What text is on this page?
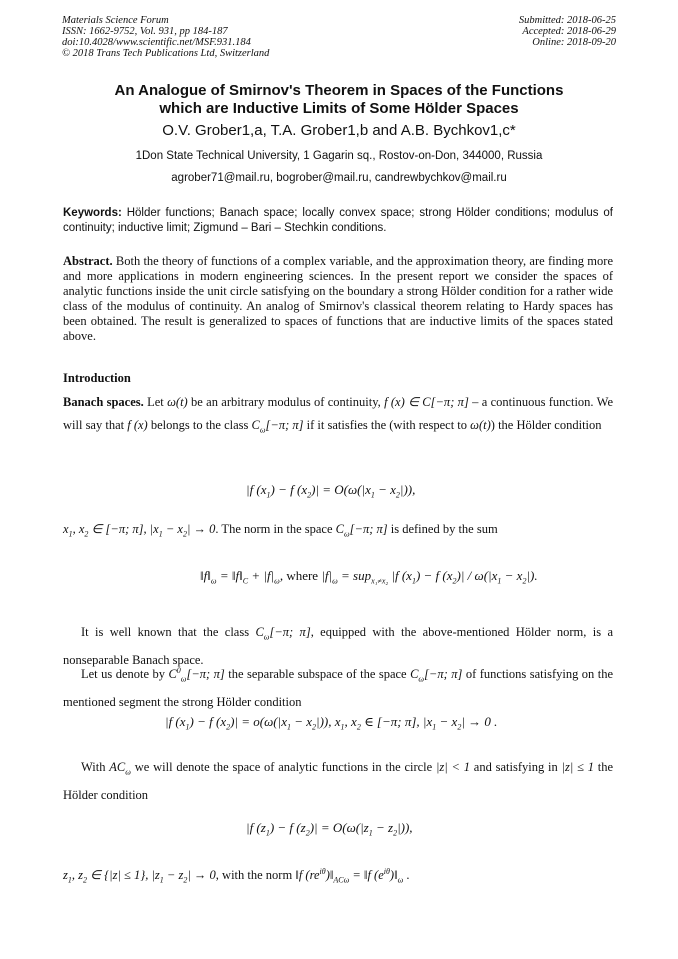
Materials Science Forum
ISSN: 1662-9752, Vol. 931, pp 184-187
doi:10.4028/www.scientific.net/MSF.931.184
© 2018 Trans Tech Publications Ltd, Switzerland
Submitted: 2018-06-25
Accepted: 2018-06-29
Online: 2018-09-20
An Analogue of Smirnov's Theorem in Spaces of the Functions
which are Inductive Limits of Some Hölder Spaces
O.V. Grober1,a, T.A. Grober1,b and A.B. Bychkov1,c*
1Don State Technical University, 1 Gagarin sq., Rostov-on-Don, 344000, Russia
agrober71@mail.ru, bogrober@mail.ru, candrewbychkov@mail.ru
Keywords: Hölder functions; Banach space; locally convex space; strong Hölder conditions; modulus of continuity; inductive limit; Zigmund – Bari – Stechkin conditions.
Abstract. Both the theory of functions of a complex variable, and the approximation theory, are finding more and more applications in modern engineering sciences. In the present report we consider the spaces of analytic functions inside the unit circle satisfying on the boundary a strong Hölder condition for a rather wide class of the modulus of continuity. An analog of Smirnov's classical theorem relating to Hardy spaces has been obtained. The result is generalized to spaces of functions that are inductive limits of the spaces stated above.
Introduction
Banach spaces. Let ω(t) be an arbitrary modulus of continuity, f (x) ∈ C[−π; π] – a continuous function. We will say that f (x) belongs to the class $C_\omega[-\pi$; π] if it satisfies the (with respect to ω(t)) the Hölder condition
|f $(x_1) - f$ $(x_2)| = O(\omega(|x_1 - x_2|))$,
$x_1$, $x_2$ ∈ [−π; π], $|x_1 - x_2| \to 0$. The norm in the space $C_\omega[-\pi$; π] is defined by the sum
$‖f‖_\omega$ = $‖f‖_C + |f|_\omega$, where $|f|_\omega = sup_{x_1\ne x_2}$ |f $(x_1) - f$ $(x_2)| / \omega(|x_1 - x_2|)$.
It is well known that the class $C_\omega[-\pi$; π], equipped with the above-mentioned Hölder norm, is a nonseparable Banach space.
Let us denote by $C^0_\omega[-\pi$; π] the separable subspace of the space $C_\omega[-\pi$; π] of functions satisfying on the mentioned segment the strong Hölder condition
|f $(x_1) - f$ $(x_2)| = o(\omega(|x_1 - x_2|))$, $x_1$, $x_2$ ∈ [−π; π], $|x_1 - x_2| \to 0$ .
With $AC_\omega$ we will denote the space of analytic functions in the circle |z| < 1 and satisfying in |z| ≤ 1 the Hölder condition
|f $(z_1) - f$ $(z_2)| = O(\omega(|z_1 - z_2|))$,
$z_1$, $z_2$ ∈ {|z| ≤ 1}, $|z_1 - z_2| \to 0$, with the norm ‖f $(re^{i\theta})‖_{AC\omega}$ = ‖f $(e^{i\theta})‖_\omega$ .
